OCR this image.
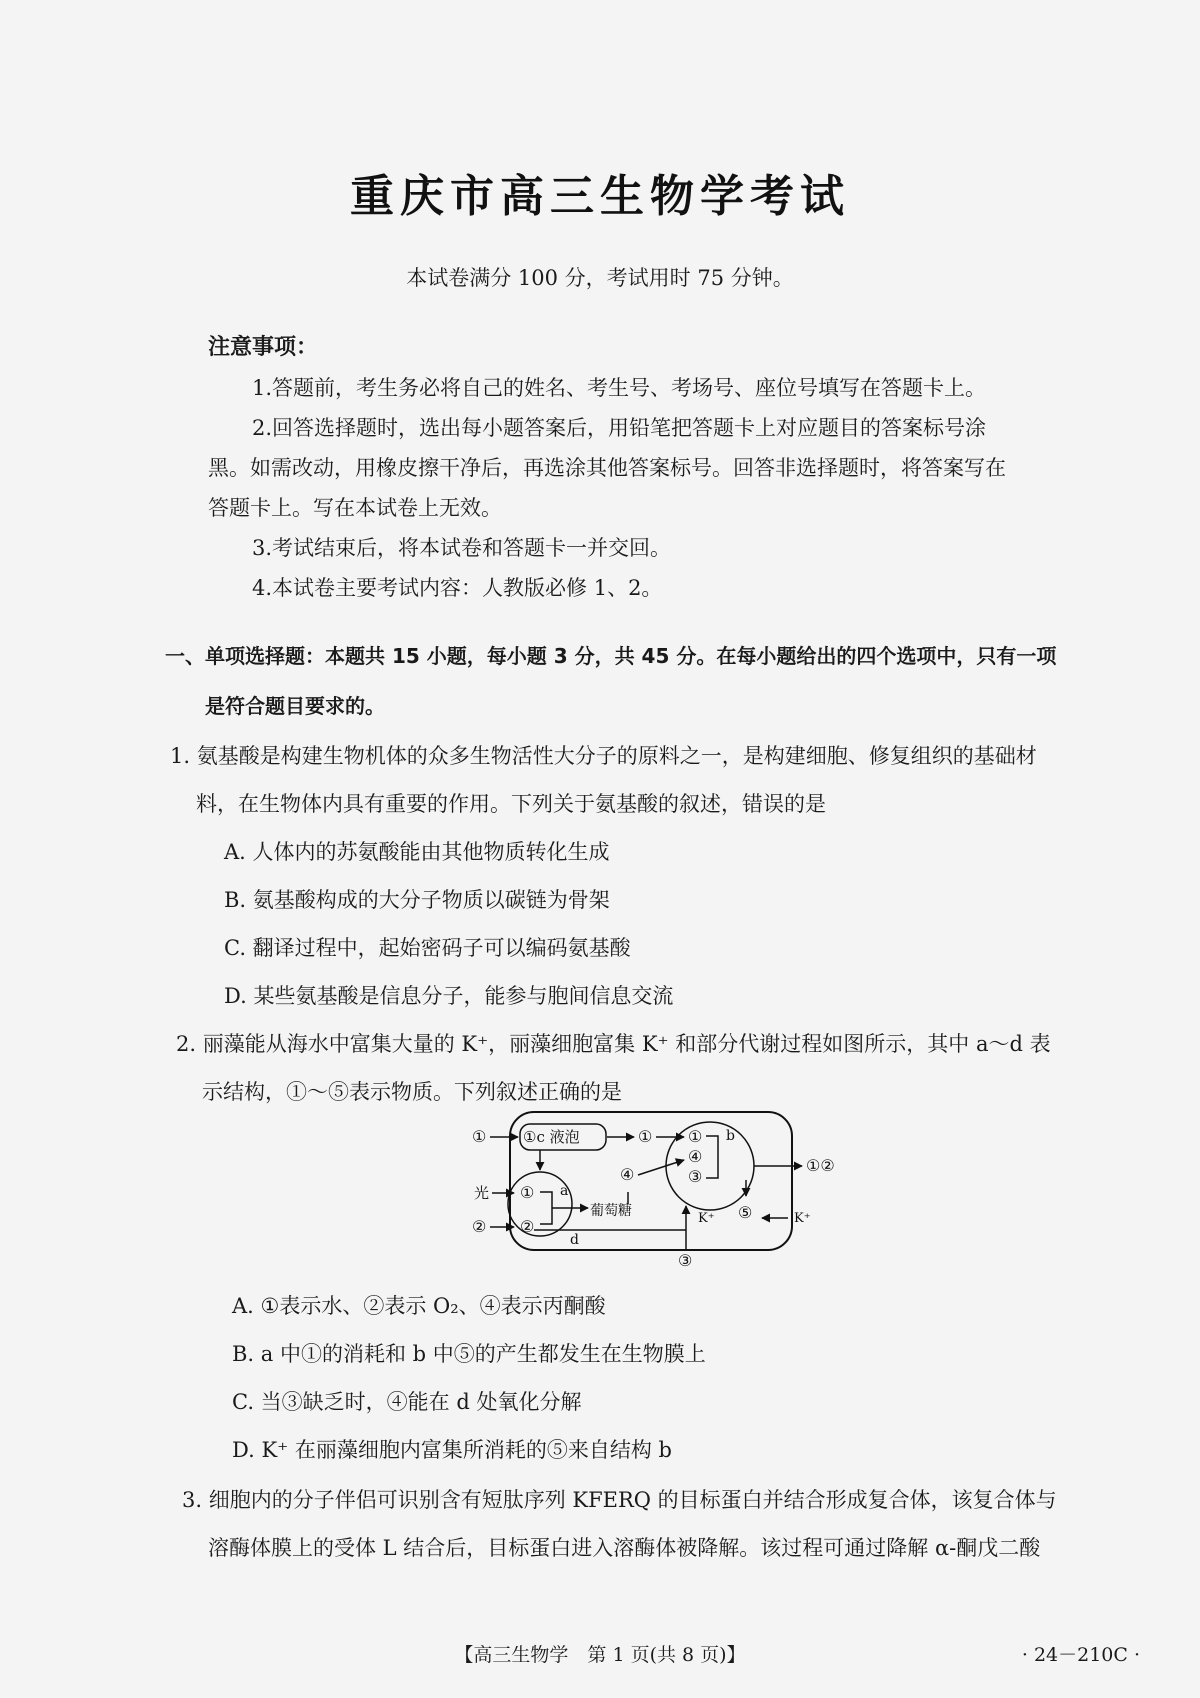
重庆市高三生物学考试
本试卷满分 100 分，考试用时 75 分钟。
注意事项：
1.答题前，考生务必将自己的姓名、考生号、考场号、座位号填写在答题卡上。
2.回答选择题时，选出每小题答案后，用铅笔把答题卡上对应题目的答案标号涂
黑。如需改动，用橡皮擦干净后，再选涂其他答案标号。回答非选择题时，将答案写在
答题卡上。写在本试卷上无效。
3.考试结束后，将本试卷和答题卡一并交回。
4.本试卷主要考试内容：人教版必修 1、2。
一、单项选择题：本题共 15 小题，每小题 3 分，共 45 分。在每小题给出的四个选项中，只有一项
是符合题目要求的。
1. 氨基酸是构建生物机体的众多生物活性大分子的原料之一，是构建细胞、修复组织的基础材
料，在生物体内具有重要的作用。下列关于氨基酸的叙述，错误的是
A. 人体内的苏氨酸能由其他物质转化生成
B. 氨基酸构成的大分子物质以碳链为骨架
C. 翻译过程中，起始密码子可以编码氨基酸
D. 某些氨基酸是信息分子，能参与胞间信息交流
2. 丽藻能从海水中富集大量的 K⁺，丽藻细胞富集 K⁺ 和部分代谢过程如图所示，其中 a～d 表
示结构，①～⑤表示物质。下列叙述正确的是
① ①c 液泡	①
光
②
①
②
a
葡萄糖
d
④
①
④
③
b
①②
⑤
K⁺	K⁺
③
A. ①表示水、②表示 O₂、④表示丙酮酸
B. a 中①的消耗和 b 中⑤的产生都发生在生物膜上
C. 当③缺乏时，④能在 d 处氧化分解
D. K⁺ 在丽藻细胞内富集所消耗的⑤来自结构 b
3. 细胞内的分子伴侣可识别含有短肽序列 KFERQ 的目标蛋白并结合形成复合体，该复合体与
溶酶体膜上的受体 L 结合后，目标蛋白进入溶酶体被降解。该过程可通过降解 α-酮戊二酸
【高三生物学　第 1 页(共 8 页)】	· 24－210C ·
